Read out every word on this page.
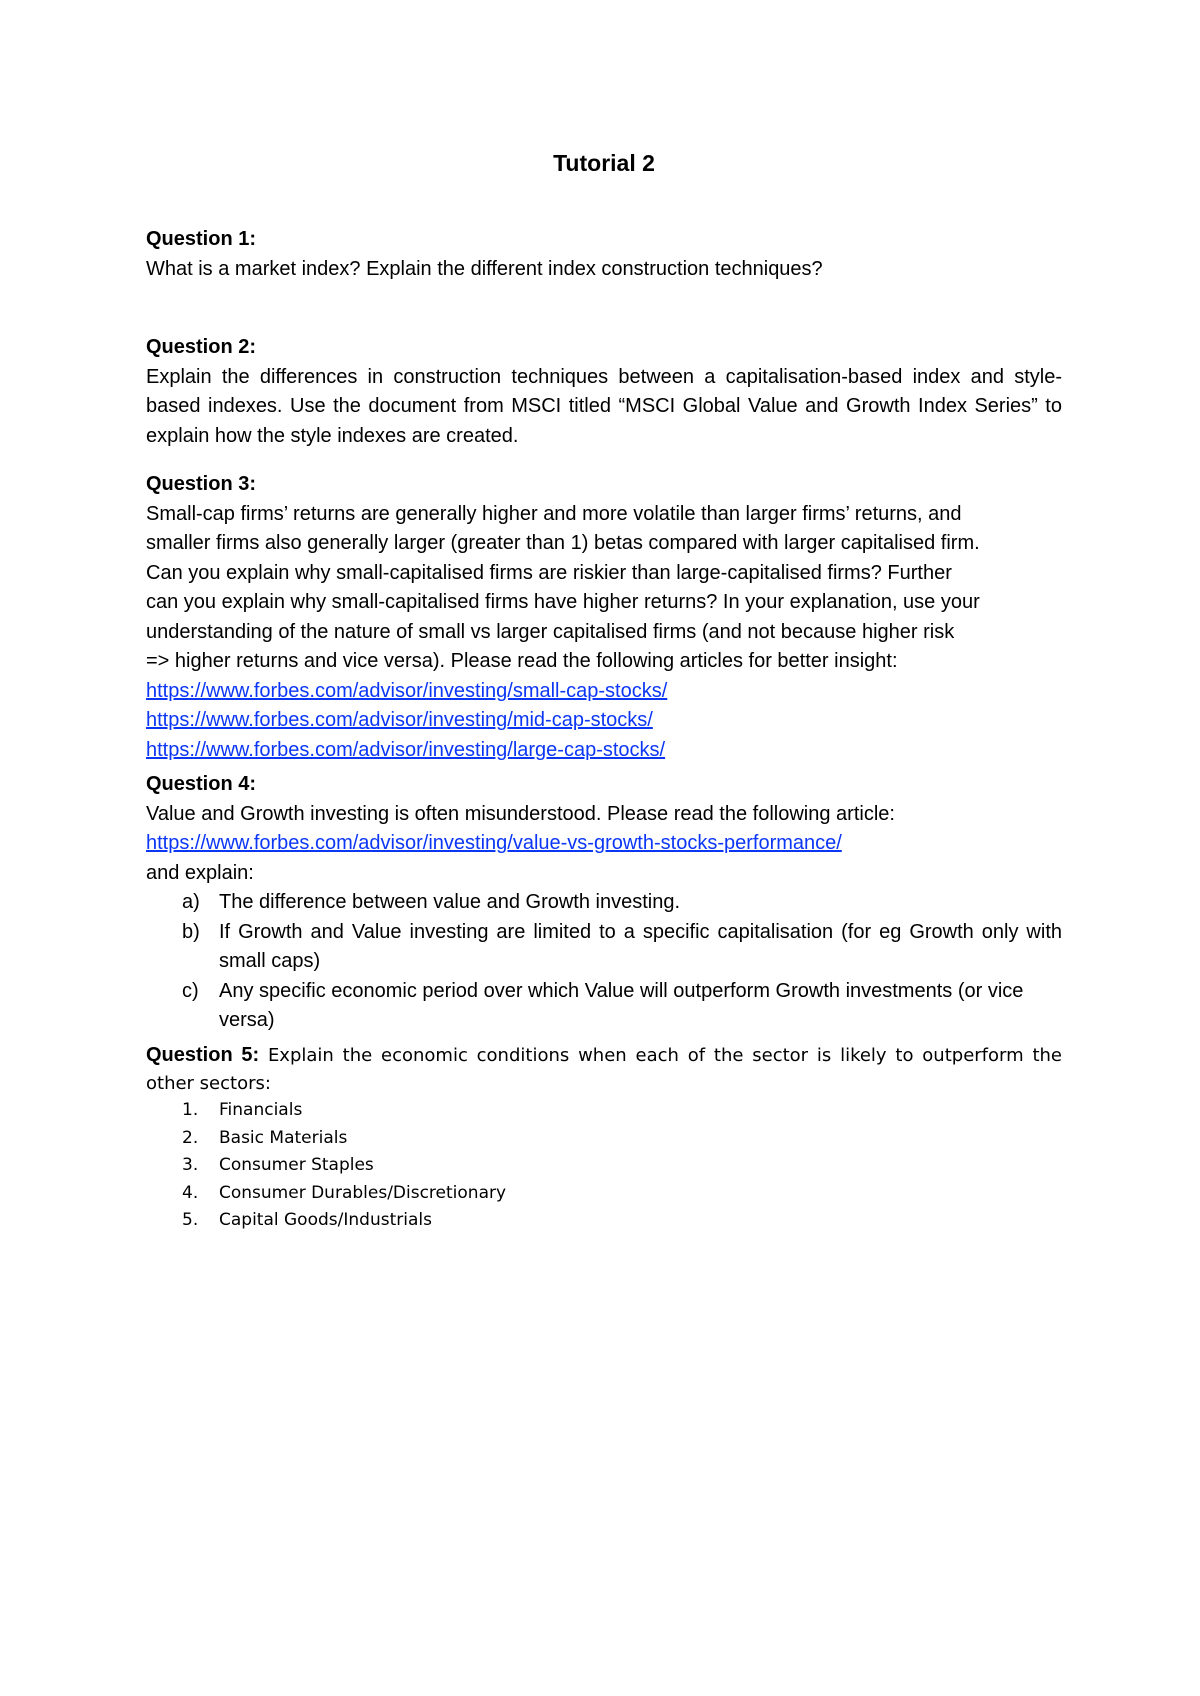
Tutorial 2
Question 1:
What is a market index? Explain the different index construction techniques?
Question 2:
Explain the differences in construction techniques between a capitalisation-based index and style-based indexes. Use the document from MSCI titled “MSCI Global Value and Growth Index Series” to explain how the style indexes are created.
Question 3:
Small-cap firms’ returns are generally higher and more volatile than larger firms’ returns, and
smaller firms also generally larger (greater than 1) betas compared with larger capitalised firm.
Can you explain why small-capitalised firms are riskier than large-capitalised firms? Further
can you explain why small-capitalised firms have higher returns? In your explanation, use your
understanding of the nature of small vs larger capitalised firms (and not because higher risk
=> higher returns and vice versa). Please read the following articles for better insight:
https://www.forbes.com/advisor/investing/small-cap-stocks/
https://www.forbes.com/advisor/investing/mid-cap-stocks/
https://www.forbes.com/advisor/investing/large-cap-stocks/
Question 4:
Value and Growth investing is often misunderstood. Please read the following article:
https://www.forbes.com/advisor/investing/value-vs-growth-stocks-performance/
and explain:
a) The difference between value and Growth investing.
b) If Growth and Value investing are limited to a specific capitalisation (for eg Growth only with small caps)
c) Any specific economic period over which Value will outperform Growth investments (or vice versa)
Question 5: Explain the economic conditions when each of the sector is likely to outperform the other sectors:
1. Financials
2. Basic Materials
3. Consumer Staples
4. Consumer Durables/Discretionary
5. Capital Goods/Industrials
